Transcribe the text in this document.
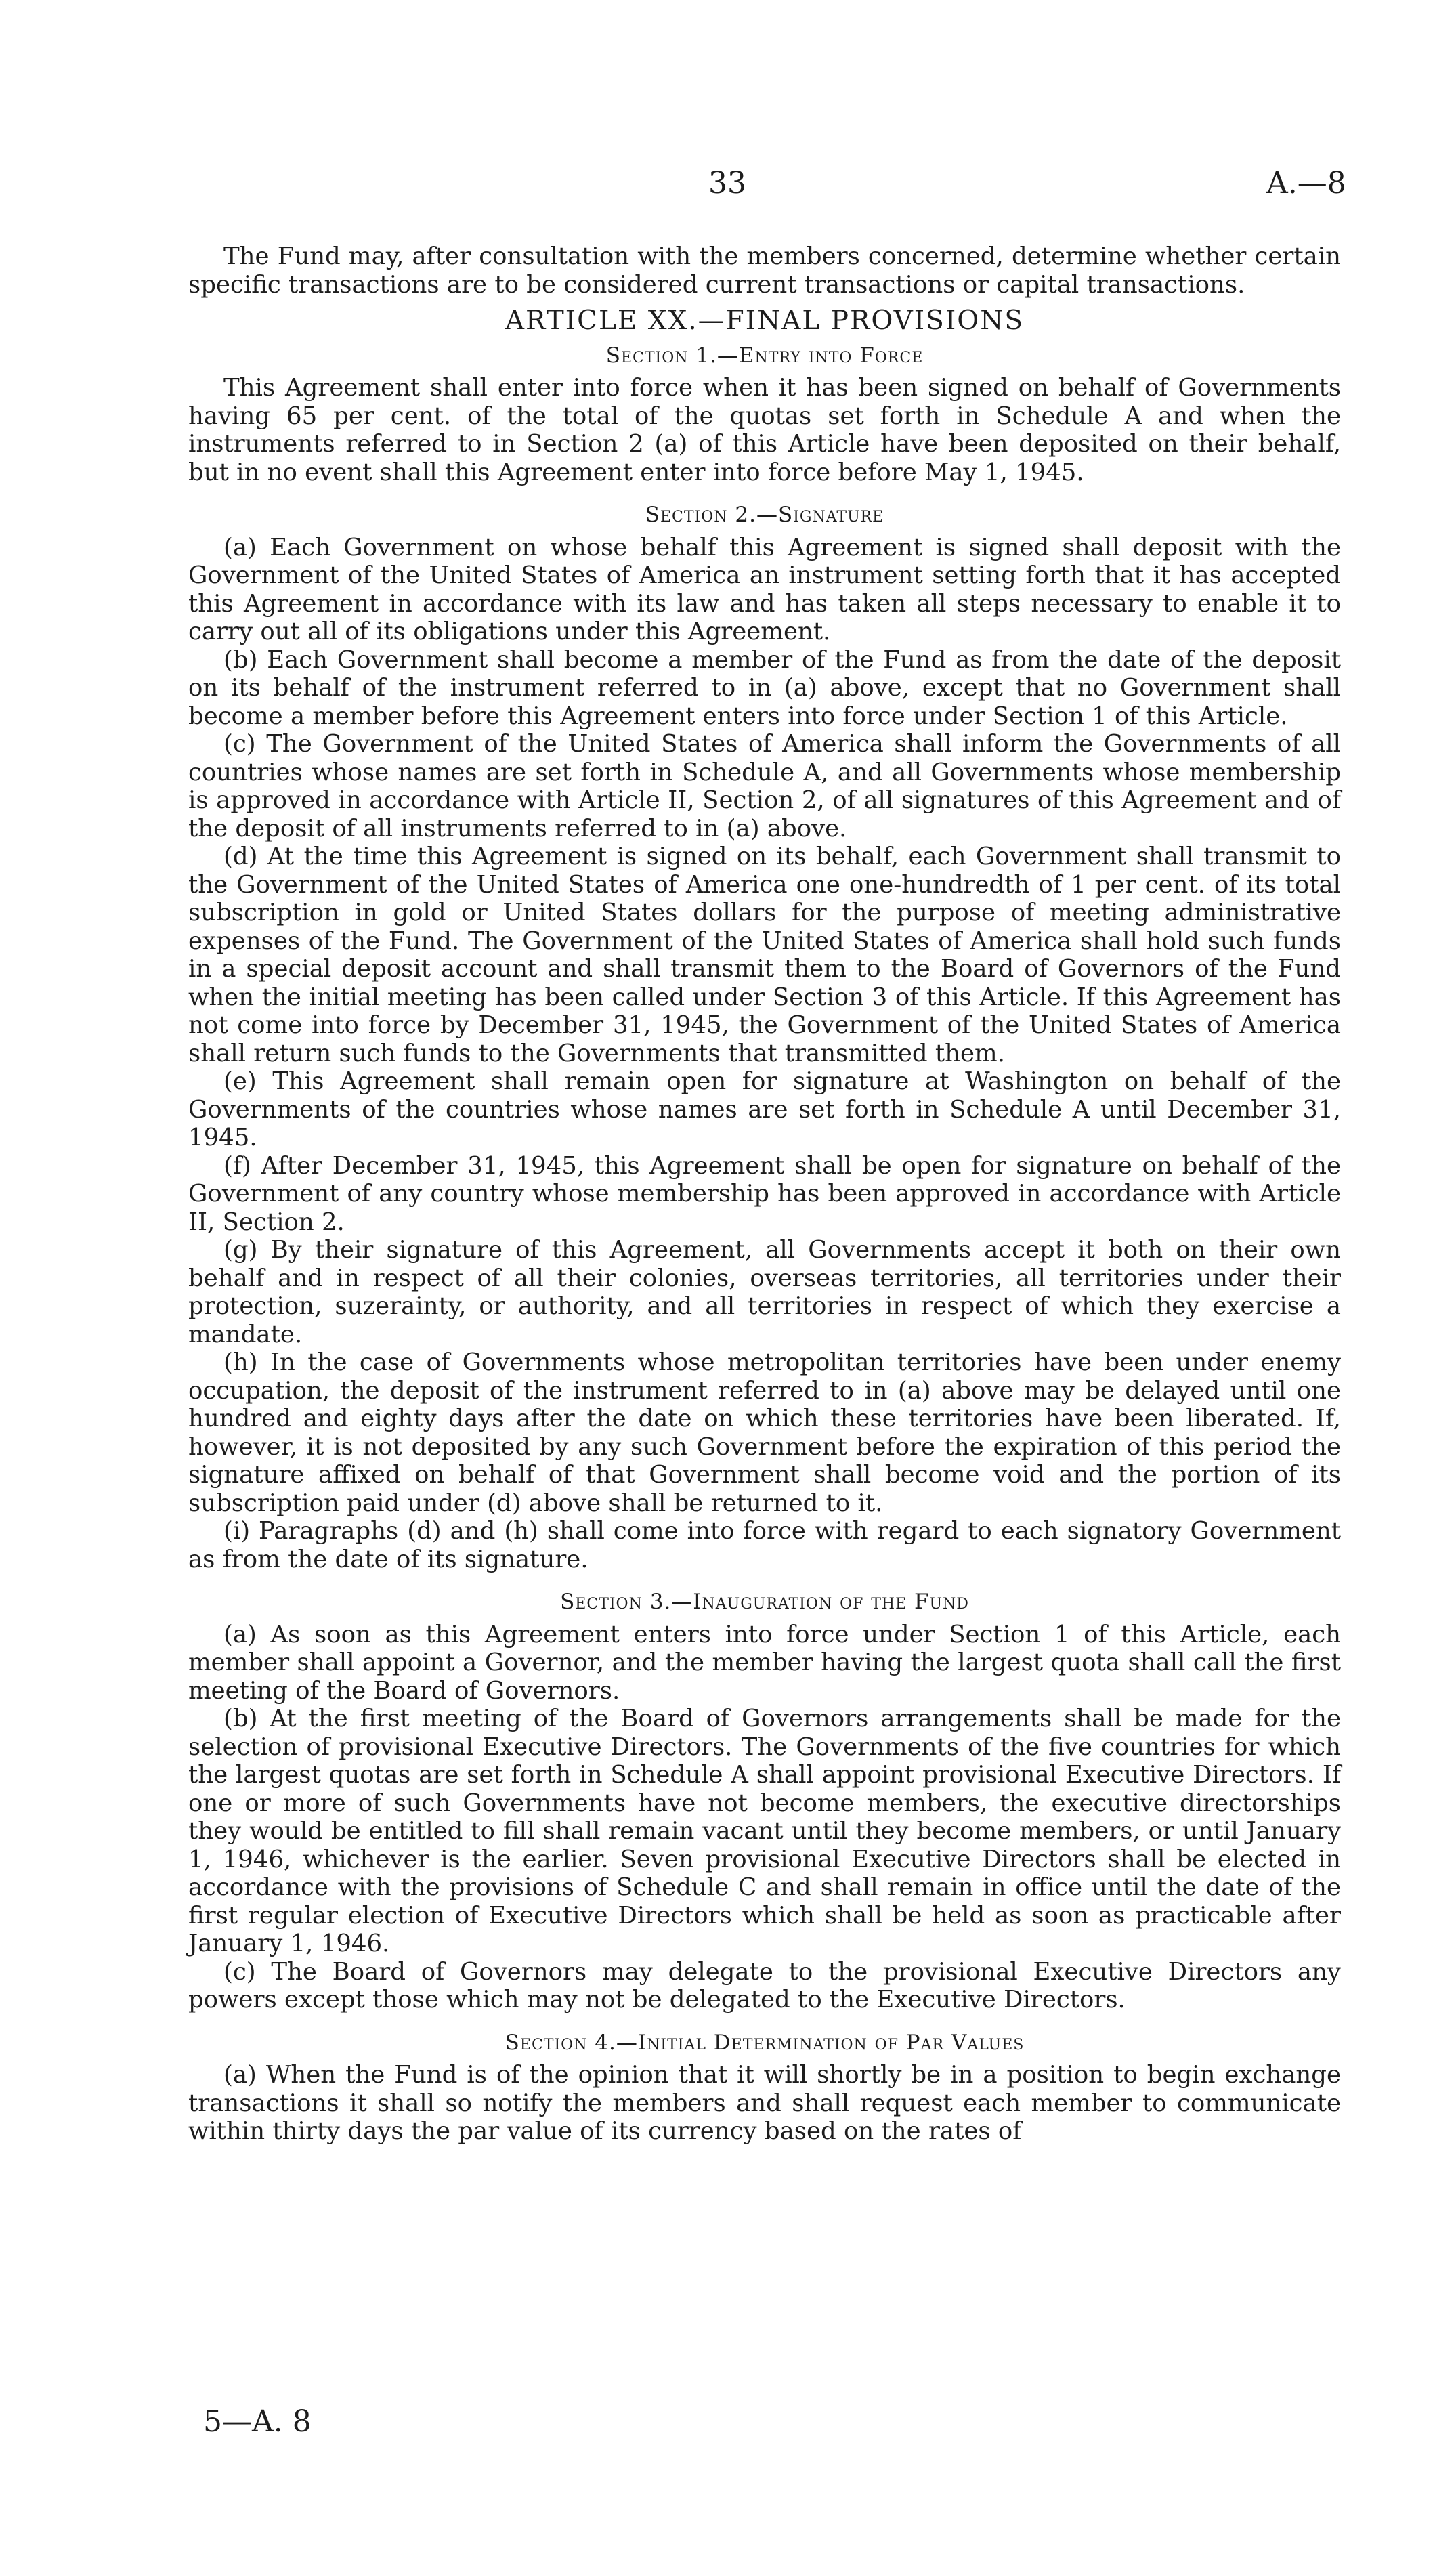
33	A.—8

The Fund may, after consultation with the members concerned, determine whether certain specific transactions are to be considered current transactions or capital transactions.

ARTICLE XX.—FINAL PROVISIONS
Section 1.—Entry into Force

This Agreement shall enter into force when it has been signed on behalf of Governments having 65 per cent. of the total of the quotas set forth in Schedule A and when the instruments referred to in Section 2 (a) of this Article have been deposited on their behalf, but in no event shall this Agreement enter into force before May 1, 1945.

Section 2.—Signature

(a) Each Government on whose behalf this Agreement is signed shall deposit with the Government of the United States of America an instrument setting forth that it has accepted this Agreement in accordance with its law and has taken all steps necessary to enable it to carry out all of its obligations under this Agreement.

(b) Each Government shall become a member of the Fund as from the date of the deposit on its behalf of the instrument referred to in (a) above, except that no Government shall become a member before this Agreement enters into force under Section 1 of this Article.

(c) The Government of the United States of America shall inform the Governments of all countries whose names are set forth in Schedule A, and all Governments whose membership is approved in accordance with Article II, Section 2, of all signatures of this Agreement and of the deposit of all instruments referred to in (a) above.

(d) At the time this Agreement is signed on its behalf, each Government shall transmit to the Government of the United States of America one one-hundredth of 1 per cent. of its total subscription in gold or United States dollars for the purpose of meeting administrative expenses of the Fund. The Government of the United States of America shall hold such funds in a special deposit account and shall transmit them to the Board of Governors of the Fund when the initial meeting has been called under Section 3 of this Article. If this Agreement has not come into force by December 31, 1945, the Government of the United States of America shall return such funds to the Governments that transmitted them.

(e) This Agreement shall remain open for signature at Washington on behalf of the Governments of the countries whose names are set forth in Schedule A until December 31, 1945.

(f) After December 31, 1945, this Agreement shall be open for signature on behalf of the Government of any country whose membership has been approved in accordance with Article II, Section 2.

(g) By their signature of this Agreement, all Governments accept it both on their own behalf and in respect of all their colonies, overseas territories, all territories under their protection, suzerainty, or authority, and all territories in respect of which they exercise a mandate.

(h) In the case of Governments whose metropolitan territories have been under enemy occupation, the deposit of the instrument referred to in (a) above may be delayed until one hundred and eighty days after the date on which these territories have been liberated. If, however, it is not deposited by any such Government before the expiration of this period the signature affixed on behalf of that Government shall become void and the portion of its subscription paid under (d) above shall be returned to it.

(i) Paragraphs (d) and (h) shall come into force with regard to each signatory Government as from the date of its signature.

Section 3.—Inauguration of the Fund

(a) As soon as this Agreement enters into force under Section 1 of this Article, each member shall appoint a Governor, and the member having the largest quota shall call the first meeting of the Board of Governors.

(b) At the first meeting of the Board of Governors arrangements shall be made for the selection of provisional Executive Directors. The Governments of the five countries for which the largest quotas are set forth in Schedule A shall appoint provisional Executive Directors. If one or more of such Governments have not become members, the executive directorships they would be entitled to fill shall remain vacant until they become members, or until January 1, 1946, whichever is the earlier. Seven provisional Executive Directors shall be elected in accordance with the provisions of Schedule C and shall remain in office until the date of the first regular election of Executive Directors which shall be held as soon as practicable after January 1, 1946.

(c) The Board of Governors may delegate to the provisional Executive Directors any powers except those which may not be delegated to the Executive Directors.

Section 4.—Initial Determination of Par Values

(a) When the Fund is of the opinion that it will shortly be in a position to begin exchange transactions it shall so notify the members and shall request each member to communicate within thirty days the par value of its currency based on the rates of

5—A. 8
